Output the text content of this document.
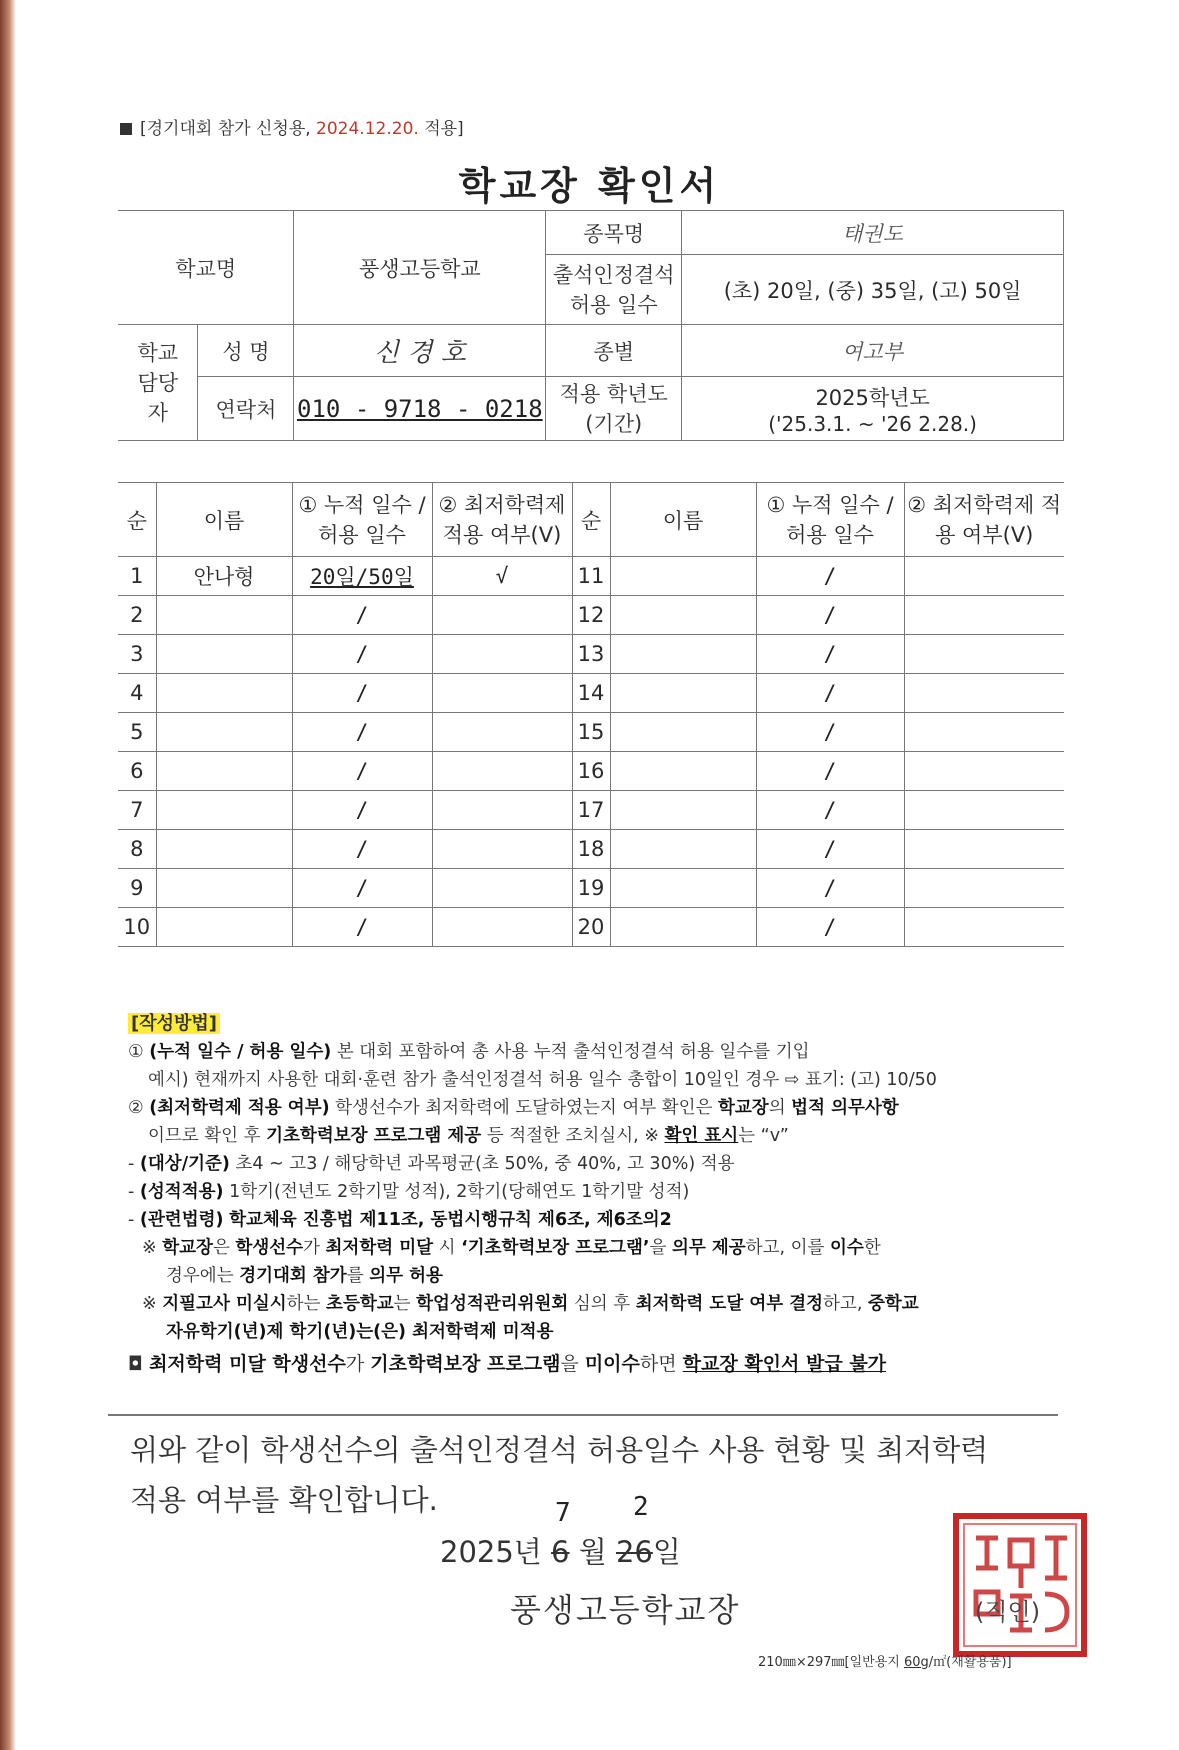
[경기대회 참가 신청용, 2024.12.20. 적용]
학교장 확인서
학교명		풍생고등학교	종목명	태권도
			출석인정결석 허용 일수	(초) 20일, (중) 35일, (고) 50일
학교 담당자	성 명	신 경 호	종별	여고부
	연락처	010 - 9718 - 0218	적용 학년도 (기간)	2025학년도
('25.3.1. ~ '26 2.28.)
순	이름	① 누적 일수 / 허용 일수	② 최저학력제 적용 여부(V)	순	이름	① 누적 일수 / 허용 일수	② 최저학력제 적용 여부(V)
1	안나형	20일/50일	√	11		/	
2		/		12		/	
3		/		13		/	
4		/		14		/	
5		/		15		/	
6		/		16		/	
7		/		17		/	
8		/		18		/	
9		/		19		/	
10		/		20		/	
[작성방법]
① (누적 일수 / 허용 일수) 본 대회 포함하여 총 사용 누적 출석인정결석 허용 일수를 기입
예시) 현재까지 사용한 대회·훈련 참가 출석인정결석 허용 일수 총합이 10일인 경우 ⇨ 표기: (고) 10/50
② (최저학력제 적용 여부) 학생선수가 최저학력에 도달하였는지 여부 확인은 학교장의 법적 의무사항
이므로 확인 후 기초학력보장 프로그램 제공 등 적절한 조치실시, ※ 확인 표시는 “v”
- (대상/기준) 초4 ~ 고3 / 해당학년 과목평균(초 50%, 중 40%, 고 30%) 적용
- (성적적용) 1학기(전년도 2학기말 성적), 2학기(당해연도 1학기말 성적)
- (관련법령) 학교체육 진흥법 제11조, 동법시행규칙 제6조, 제6조의2
※ 학교장은 학생선수가 최저학력 미달 시 ‘기초학력보장 프로그램’을 의무 제공하고, 이를 이수한
경우에는 경기대회 참가를 의무 허용
※ 지필고사 미실시하는 초등학교는 학업성적관리위원회 심의 후 최저학력 도달 여부 결정하고, 중학교
자유학기(년)제 학기(년)는(은) 최저학력제 미적용
◘ 최저학력 미달 학생선수가 기초학력보장 프로그램을 미이수하면 학교장 확인서 발급 불가
위와 같이 학생선수의 출석인정결석 허용일수 사용 현황 및 최저학력
적용 여부를 확인합니다.
2025년 6 월 26일
7 2
풍생고등학교장	(직인)
210㎜×297㎜[일반용지 60g/㎡(재활용품)]
